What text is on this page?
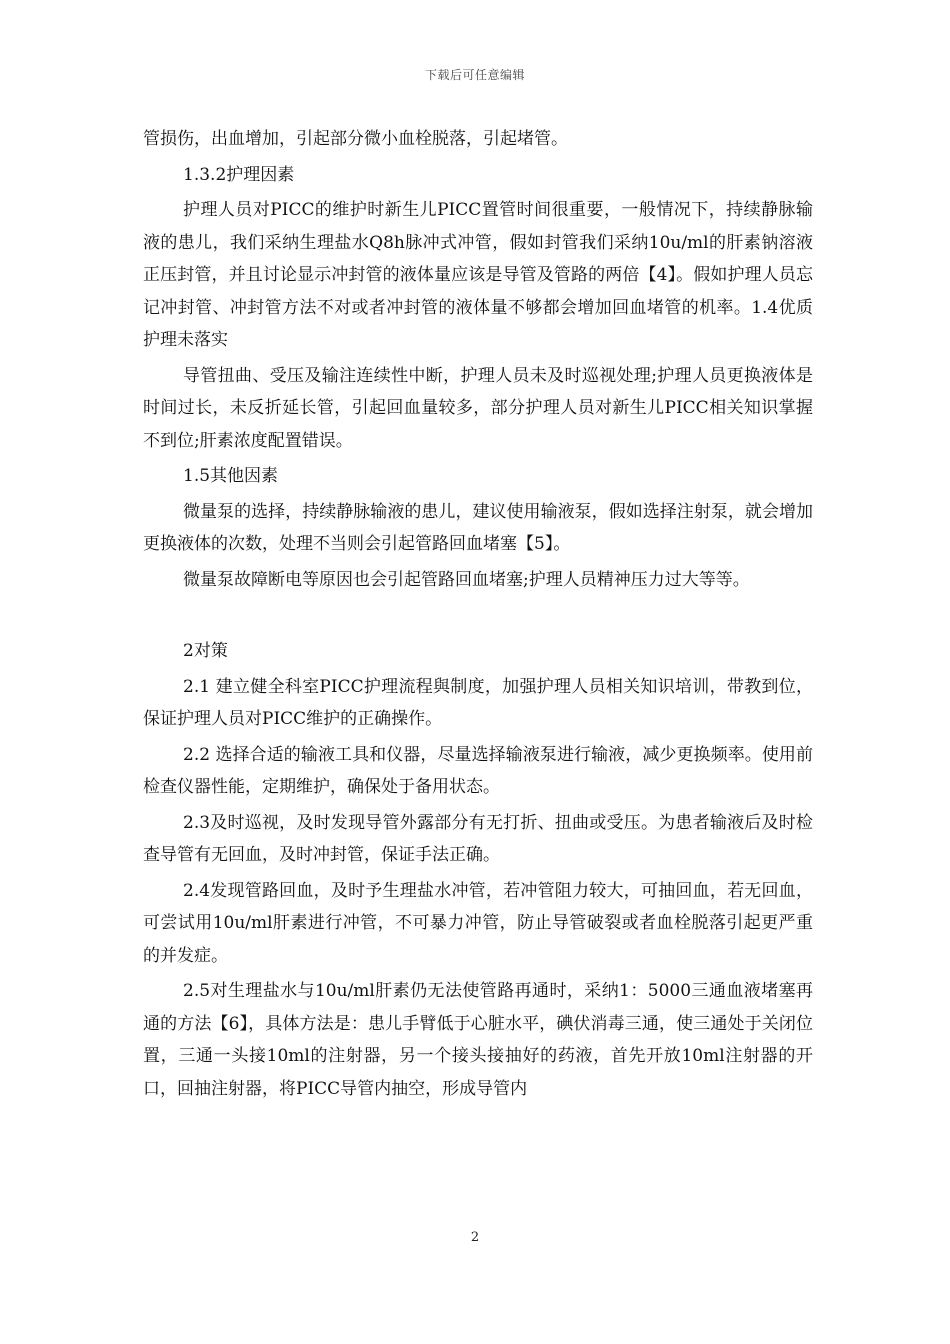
下载后可任意编辑

管损伤，出血增加，引起部分微小血栓脱落，引起堵管。

1.3.2护理因素

护理人员对PICC的维护时新生儿PICC置管时间很重要，一般情况下，持续静脉输液的患儿，我们采纳生理盐水Q8h脉冲式冲管，假如封管我们采纳10u/ml的肝素钠溶液正压封管，并且讨论显示冲封管的液体量应该是导管及管路的两倍【4】。假如护理人员忘记冲封管、冲封管方法不对或者冲封管的液体量不够都会增加回血堵管的机率。1.4优质护理未落实

导管扭曲、受压及输注连续性中断，护理人员未及时巡视处理;护理人员更换液体是时间过长，未反折延长管，引起回血量较多，部分护理人员对新生儿PICC相关知识掌握不到位;肝素浓度配置错误。

1.5其他因素

微量泵的选择，持续静脉输液的患儿，建议使用输液泵，假如选择注射泵，就会增加更换液体的次数，处理不当则会引起管路回血堵塞【5】。

微量泵故障断电等原因也会引起管路回血堵塞;护理人员精神压力过大等等。

2对策

2.1 建立健全科室PICC护理流程與制度，加强护理人员相关知识培训，带教到位，保证护理人员对PICC维护的正确操作。

2.2 选择合适的输液工具和仪器，尽量选择输液泵进行输液，减少更换频率。使用前检查仪器性能，定期维护，确保处于备用状态。

2.3及时巡视，及时发现导管外露部分有无打折、扭曲或受压。为患者输液后及时检查导管有无回血，及时冲封管，保证手法正确。

2.4发现管路回血，及时予生理盐水冲管，若冲管阻力较大，可抽回血，若无回血，可尝试用10u/ml肝素进行冲管，不可暴力冲管，防止导管破裂或者血栓脱落引起更严重的并发症。

2.5对生理盐水与10u/ml肝素仍无法使管路再通时，采纳1：5000三通血液堵塞再通的方法【6】，具体方法是：患儿手臂低于心脏水平，碘伏消毒三通，使三通处于关闭位置，三通一头接10ml的注射器，另一个接头接抽好的药液，首先开放10ml注射器的开口，回抽注射器，将PICC导管内抽空，形成导管内

2
